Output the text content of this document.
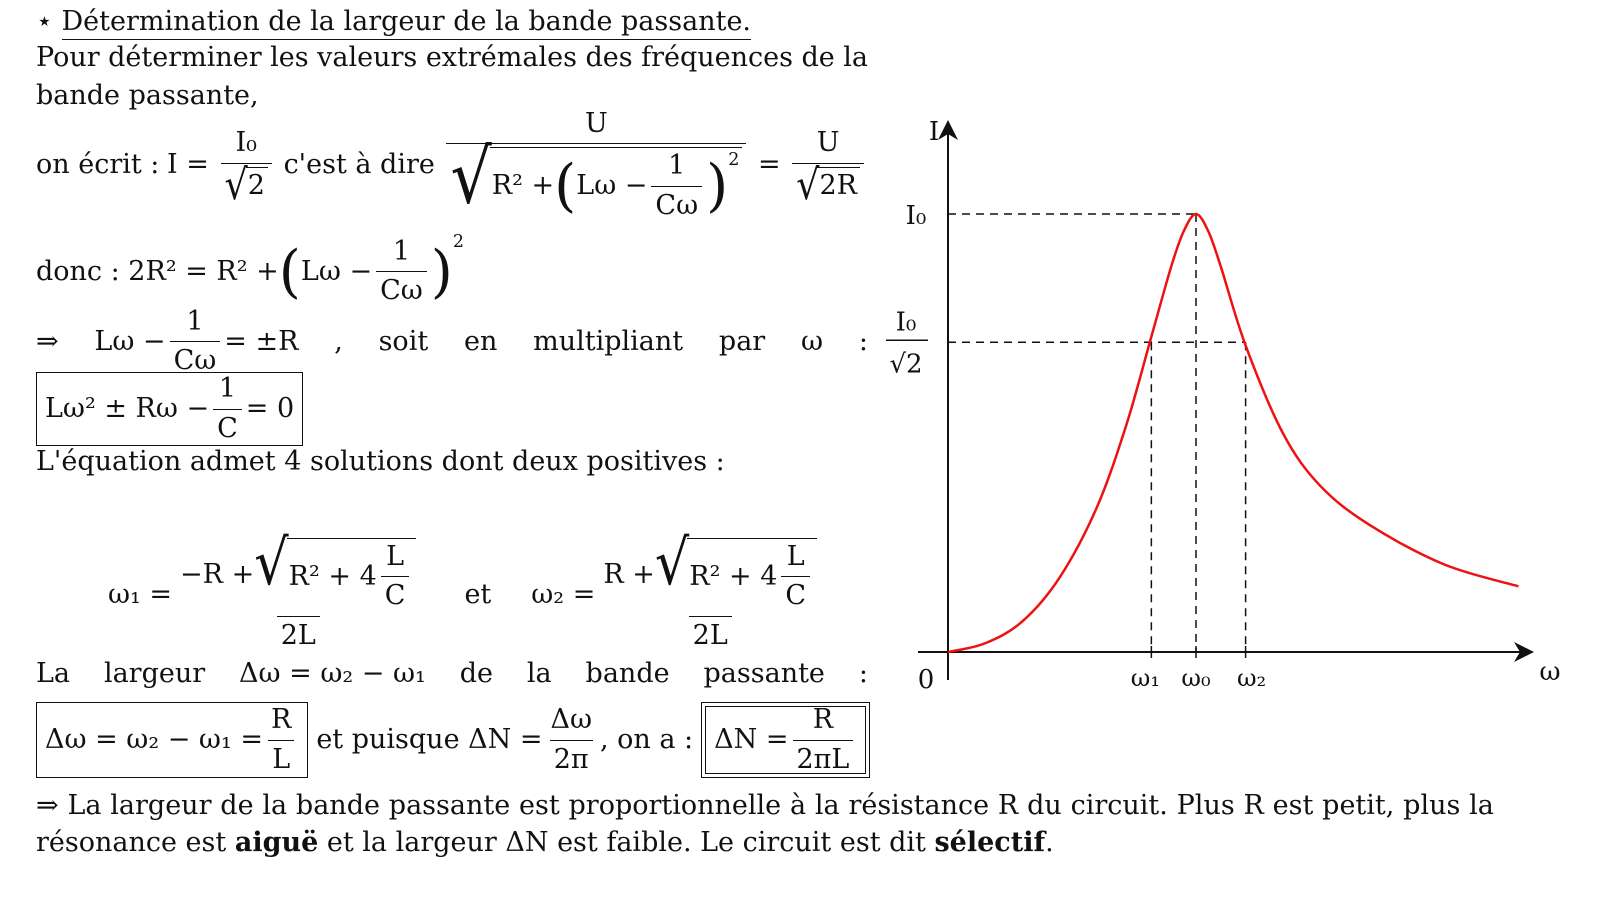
⋆ Détermination de la largeur de la bande passante.
Pour déterminer les valeurs extrémales des fréquences de la
bande passante,
on écrit : $I = \frac{\text{I₀}}{√ 2} c'est$ à dire
U
√ R² + ( $L\omega - \frac{1}{C\omega} )^2 = \frac{U}{√ 2R}$
donc : 2R² = R² + ( $L\omega - \frac{1}{C\omega} )^2$
⇒ $L\omega - \frac{1}{C\omega} = \pm R$ , soit en multipliant par ω :
$L\omega^2 \pm R\omega - \frac{1}{C} = 0$
L'équation admet 4 solutions dont deux positives :
$\omega_1 = \frac{-R + √ R^2 + 4 \frac{L}{C}}{2L}$ et $\omega_2 = \frac{R + √ R^2 + 4 \frac{L}{C}}{2L}$
La largeur Δω = ω₂ − ω₁ de la bande passante :
$\Delta\omega = \omega_2 - \omega_1 = \frac{R}{L}$ et puisque $\Delta N = \frac{\Delta\omega}{2\pi}$ , on a : $\Delta N = \frac{R}{2\pi L}$
⇒ La largeur de la bande passante est proportionnelle à la résistance R du circuit. Plus R est petit, plus la
résonance est aiguë et la largeur ΔN est faible. Le circuit est dit sélectif.
I
ω
0	ω₁ ω₀ ω₂
I₀
I₀
√2
